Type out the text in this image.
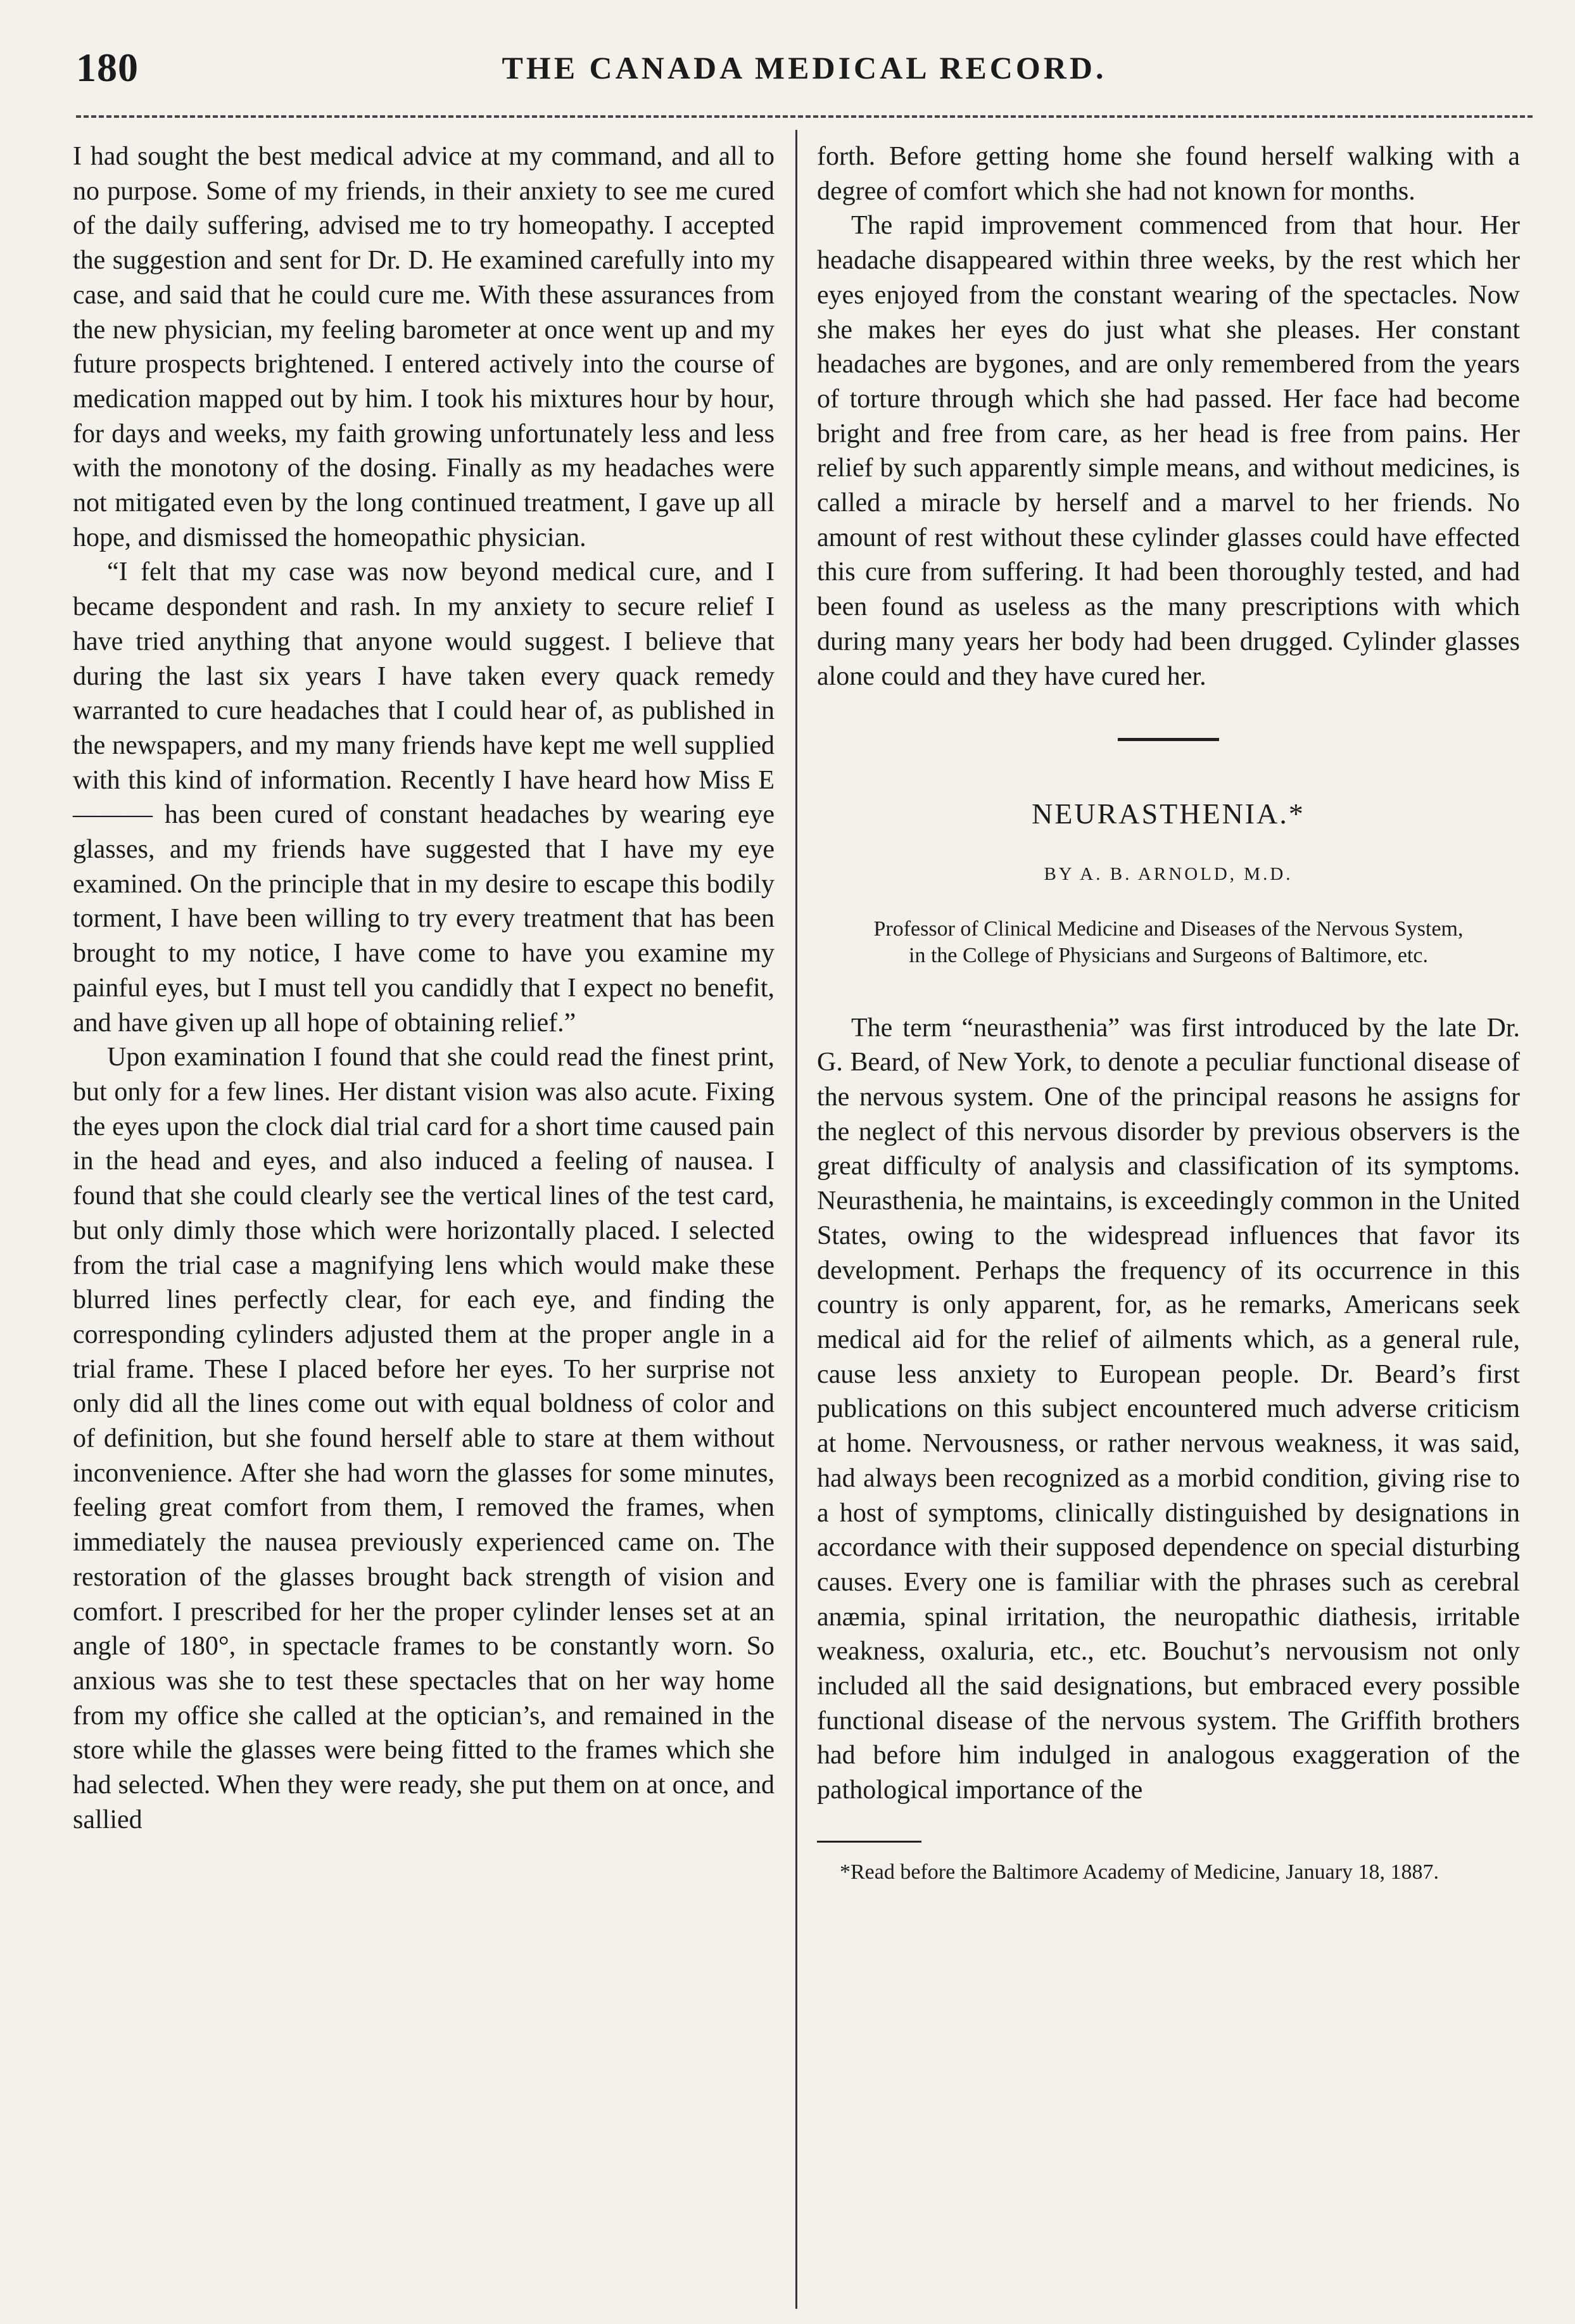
180	THE CANADA MEDICAL RECORD.

I had sought the best medical advice at my command, and all to no purpose. Some of my friends, in their anxiety to see me cured of the daily suffering, advised me to try homeopathy. I accepted the suggestion and sent for Dr. D. He examined carefully into my case, and said that he could cure me. With these assurances from the new physician, my feeling barometer at once went up and my future prospects brightened. I entered actively into the course of medication mapped out by him. I took his mixtures hour by hour, for days and weeks, my faith growing unfortunately less and less with the monotony of the dosing. Finally as my headaches were not mitigated even by the long continued treatment, I gave up all hope, and dismissed the homeopathic physician.

“I felt that my case was now beyond medical cure, and I became despondent and rash. In my anxiety to secure relief I have tried anything that anyone would suggest. I believe that during the last six years I have taken every quack remedy warranted to cure headaches that I could hear of, as published in the newspapers, and my many friends have kept me well supplied with this kind of information. Recently I have heard how Miss E——— has been cured of constant headaches by wearing eye glasses, and my friends have suggested that I have my eye examined. On the principle that in my desire to escape this bodily torment, I have been willing to try every treatment that has been brought to my notice, I have come to have you examine my painful eyes, but I must tell you candidly that I expect no benefit, and have given up all hope of obtaining relief.”

Upon examination I found that she could read the finest print, but only for a few lines. Her distant vision was also acute. Fixing the eyes upon the clock dial trial card for a short time caused pain in the head and eyes, and also induced a feeling of nausea. I found that she could clearly see the vertical lines of the test card, but only dimly those which were horizontally placed. I selected from the trial case a magnifying lens which would make these blurred lines perfectly clear, for each eye, and finding the corresponding cylinders adjusted them at the proper angle in a trial frame. These I placed before her eyes. To her surprise not only did all the lines come out with equal boldness of color and of definition, but she found herself able to stare at them without inconvenience. After she had worn the glasses for some minutes, feeling great comfort from them, I removed the frames, when immediately the nausea previously experienced came on. The restoration of the glasses brought back strength of vision and comfort. I prescribed for her the proper cylinder lenses set at an angle of 180°, in spectacle frames to be constantly worn. So anxious was she to test these spectacles that on her way home from my office she called at the optician’s, and remained in the store while the glasses were being fitted to the frames which she had selected. When they were ready, she put them on at once, and sallied

forth. Before getting home she found herself walking with a degree of comfort which she had not known for months.

The rapid improvement commenced from that hour. Her headache disappeared within three weeks, by the rest which her eyes enjoyed from the constant wearing of the spectacles. Now she makes her eyes do just what she pleases. Her constant headaches are bygones, and are only remembered from the years of torture through which she had passed. Her face had become bright and free from care, as her head is free from pains. Her relief by such apparently simple means, and without medicines, is called a miracle by herself and a marvel to her friends. No amount of rest without these cylinder glasses could have effected this cure from suffering. It had been thoroughly tested, and had been found as useless as the many prescriptions with which during many years her body had been drugged. Cylinder glasses alone could and they have cured her.

NEURASTHENIA.*
BY A. B. ARNOLD, M.D.
Professor of Clinical Medicine and Diseases of the Nervous System, in the College of Physicians and Surgeons of Baltimore, etc.

The term “neurasthenia” was first introduced by the late Dr. G. Beard, of New York, to denote a peculiar functional disease of the nervous system. One of the principal reasons he assigns for the neglect of this nervous disorder by previous observers is the great difficulty of analysis and classification of its symptoms. Neurasthenia, he maintains, is exceedingly common in the United States, owing to the widespread influences that favor its development. Perhaps the frequency of its occurrence in this country is only apparent, for, as he remarks, Americans seek medical aid for the relief of ailments which, as a general rule, cause less anxiety to European people. Dr. Beard’s first publications on this subject encountered much adverse criticism at home. Nervousness, or rather nervous weakness, it was said, had always been recognized as a morbid condition, giving rise to a host of symptoms, clinically distinguished by designations in accordance with their supposed dependence on special disturbing causes. Every one is familiar with the phrases such as cerebral anæmia, spinal irritation, the neuropathic diathesis, irritable weakness, oxaluria, etc., etc. Bouchut’s nervousism not only included all the said designations, but embraced every possible functional disease of the nervous system. The Griffith brothers had before him indulged in analogous exaggeration of the pathological importance of the

*Read before the Baltimore Academy of Medicine, January 18, 1887.
